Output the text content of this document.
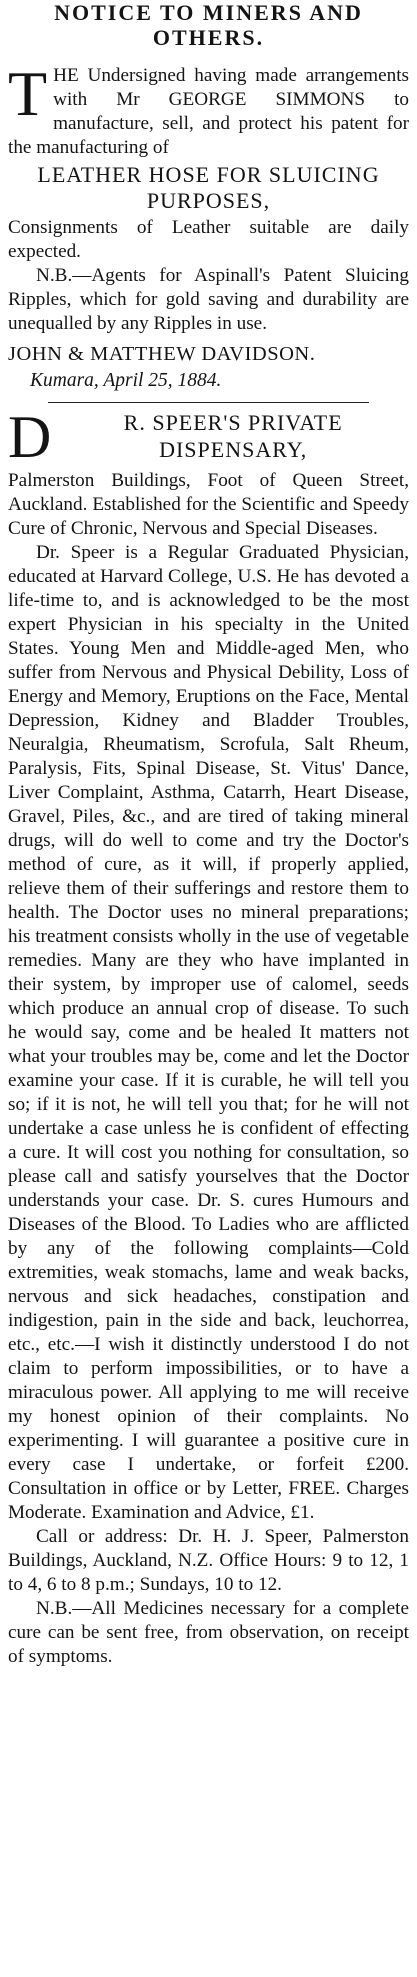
NOTICE TO MINERS AND OTHERS.
T HE Undersigned having made arrangements with Mr GEORGE SIMMONS to manufacture, sell, and protect his patent for the manufacturing of

LEATHER HOSE FOR SLUICING PURPOSES,

Consignments of Leather suitable are daily expected.

N.B.—Agents for Aspinall's Patent Sluicing Ripples, which for gold saving and durability are unequalled by any Ripples in use.

JOHN & MATTHEW DAVIDSON.

Kumara, April 25, 1884.

D	R. SPEER'S PRIVATE DISPENSARY,

Palmerston Buildings, Foot of Queen Street, Auckland. Established for the Scientific and Speedy Cure of Chronic, Nervous and Special Diseases.

Dr. Speer is a Regular Graduated Physician, educated at Harvard College, U.S. He has devoted a life-time to, and is acknowledged to be the most expert Physician in his specialty in the United States. Young Men and Middle-aged Men, who suffer from Nervous and Physical Debility, Loss of Energy and Memory, Eruptions on the Face, Mental Depression, Kidney and Bladder Troubles, Neuralgia, Rheumatism, Scrofula, Salt Rheum, Paralysis, Fits, Spinal Disease, St. Vitus' Dance, Liver Complaint, Asthma, Catarrh, Heart Disease, Gravel, Piles, &c., and are tired of taking mineral drugs, will do well to come and try the Doctor's method of cure, as it will, if properly applied, relieve them of their sufferings and restore them to health. The Doctor uses no mineral preparations; his treatment consists wholly in the use of vegetable remedies. Many are they who have implanted in their system, by improper use of calomel, seeds which produce an annual crop of disease. To such he would say, come and be healed It matters not what your troubles may be, come and let the Doctor examine your case. If it is curable, he will tell you so; if it is not, he will tell you that; for he will not undertake a case unless he is confident of effecting a cure. It will cost you nothing for consultation, so please call and satisfy yourselves that the Doctor understands your case. Dr. S. cures Humours and Diseases of the Blood. To Ladies who are afflicted by any of the following complaints—Cold extremities, weak stomachs, lame and weak backs, nervous and sick headaches, constipation and indigestion, pain in the side and back, leuchorrea, etc., etc.—I wish it distinctly understood I do not claim to perform impossibilities, or to have a miraculous power. All applying to me will receive my honest opinion of their complaints. No experimenting. I will guarantee a positive cure in every case I undertake, or forfeit £200. Consultation in office or by Letter, FREE. Charges Moderate. Examination and Advice, £1.

Call or address: Dr. H. J. Speer, Palmerston Buildings, Auckland, N.Z. Office Hours: 9 to 12, 1 to 4, 6 to 8 p.m.; Sundays, 10 to 12.

N.B.—All Medicines necessary for a complete cure can be sent free, from observation, on receipt of symptoms.
